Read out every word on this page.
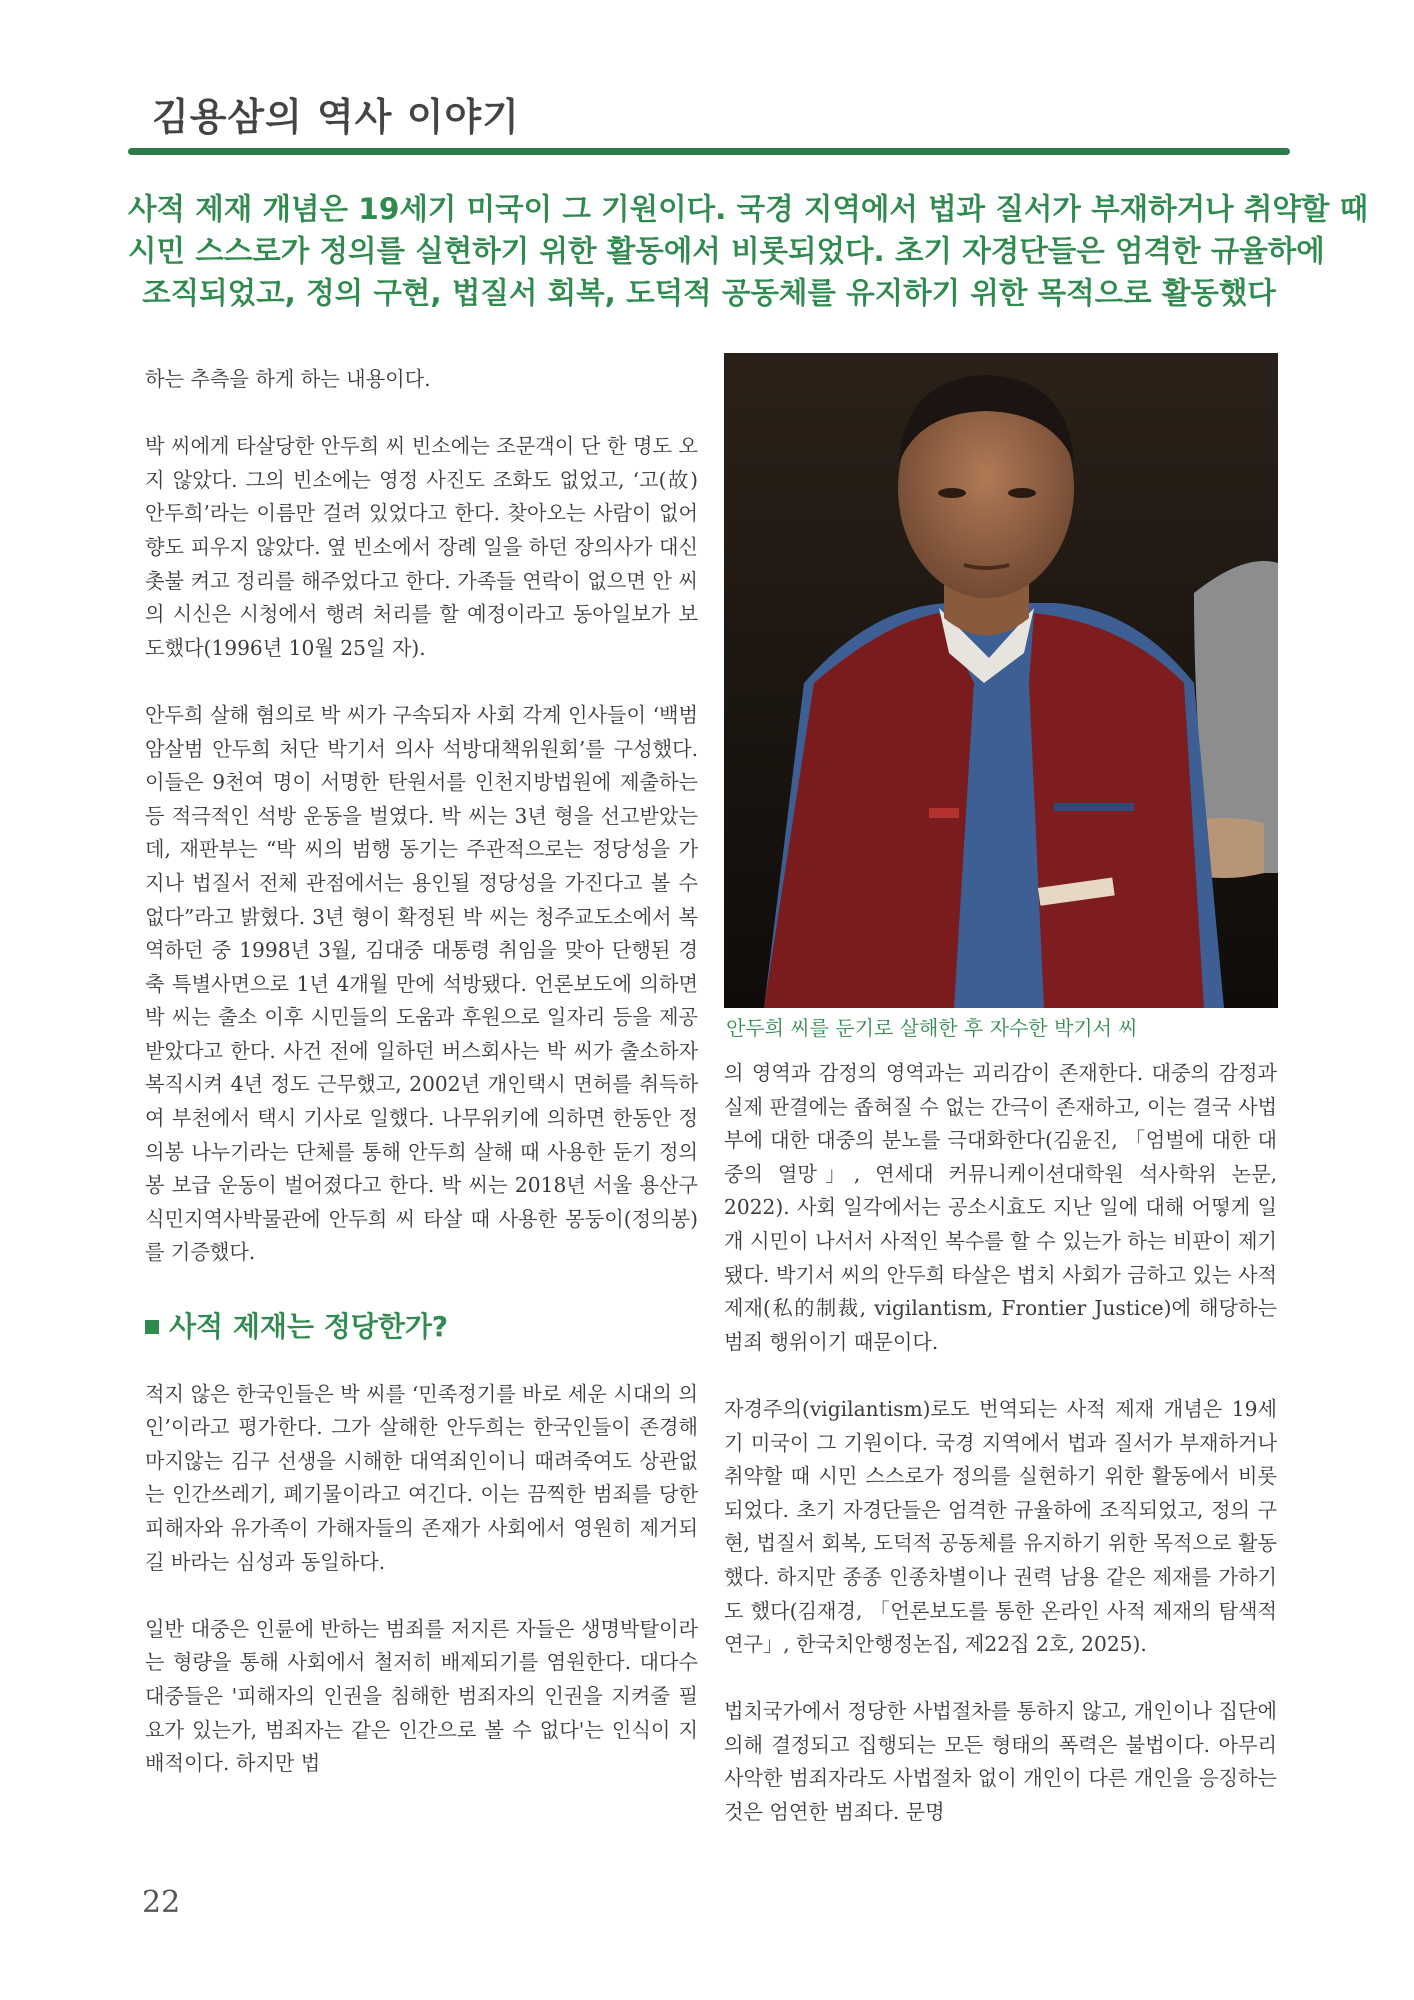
김용삼의 역사 이야기
사적 제재 개념은 19세기 미국이 그 기원이다. 국경 지역에서 법과 질서가 부재하거나 취약할 때
시민 스스로가 정의를 실현하기 위한 활동에서 비롯되었다. 초기 자경단들은 엄격한 규율하에
조직되었고, 정의 구현, 법질서 회복, 도덕적 공동체를 유지하기 위한 목적으로 활동했다

하는 추측을 하게 하는 내용이다.

박 씨에게 타살당한 안두희 씨 빈소에는 조문객이 단 한 명도 오지 않았다. 그의 빈소에는 영정 사진도 조화도 없었고, ‘고(故) 안두희’라는 이름만 걸려 있었다고 한다. 찾아오는 사람이 없어 향도 피우지 않았다. 옆 빈소에서 장례 일을 하던 장의사가 대신 촛불 켜고 정리를 해주었다고 한다. 가족들 연락이 없으면 안 씨의 시신은 시청에서 행려 처리를 할 예정이라고 동아일보가 보도했다(1996년 10월 25일 자).

안두희 살해 혐의로 박 씨가 구속되자 사회 각계 인사들이 ‘백범 암살범 안두희 처단 박기서 의사 석방대책위원회’를 구성했다. 이들은 9천여 명이 서명한 탄원서를 인천지방법원에 제출하는 등 적극적인 석방 운동을 벌였다. 박 씨는 3년 형을 선고받았는데, 재판부는 “박 씨의 범행 동기는 주관적으로는 정당성을 가지나 법질서 전체 관점에서는 용인될 정당성을 가진다고 볼 수 없다”라고 밝혔다. 3년 형이 확정된 박 씨는 청주교도소에서 복역하던 중 1998년 3월, 김대중 대통령 취임을 맞아 단행된 경축 특별사면으로 1년 4개월 만에 석방됐다. 언론보도에 의하면 박 씨는 출소 이후 시민들의 도움과 후원으로 일자리 등을 제공받았다고 한다. 사건 전에 일하던 버스회사는 박 씨가 출소하자 복직시켜 4년 정도 근무했고, 2002년 개인택시 면허를 취득하여 부천에서 택시 기사로 일했다. 나무위키에 의하면 한동안 정의봉 나누기라는 단체를 통해 안두희 살해 때 사용한 둔기 정의봉 보급 운동이 벌어졌다고 한다. 박 씨는 2018년 서울 용산구 식민지역사박물관에 안두희 씨 타살 때 사용한 몽둥이(정의봉)를 기증했다.

사적 제재는 정당한가?

적지 않은 한국인들은 박 씨를 ‘민족정기를 바로 세운 시대의 의인’이라고 평가한다. 그가 살해한 안두희는 한국인들이 존경해 마지않는 김구 선생을 시해한 대역죄인이니 때려죽여도 상관없는 인간쓰레기, 폐기물이라고 여긴다. 이는 끔찍한 범죄를 당한 피해자와 유가족이 가해자들의 존재가 사회에서 영원히 제거되길 바라는 심성과 동일하다.

일반 대중은 인륜에 반하는 범죄를 저지른 자들은 생명박탈이라는 형량을 통해 사회에서 철저히 배제되기를 염원한다. 대다수 대중들은 '피해자의 인권을 침해한 범죄자의 인권을 지켜줄 필요가 있는가, 범죄자는 같은 인간으로 볼 수 없다'는 인식이 지배적이다. 하지만 법

안두희 씨를 둔기로 살해한 후 자수한 박기서 씨

의 영역과 감정의 영역과는 괴리감이 존재한다. 대중의 감정과 실제 판결에는 좁혀질 수 없는 간극이 존재하고, 이는 결국 사법부에 대한 대중의 분노를 극대화한다(김윤진, 「엄벌에 대한 대중의 열망」, 연세대 커뮤니케이션대학원 석사학위 논문, 2022). 사회 일각에서는 공소시효도 지난 일에 대해 어떻게 일개 시민이 나서서 사적인 복수를 할 수 있는가 하는 비판이 제기됐다. 박기서 씨의 안두희 타살은 법치 사회가 금하고 있는 사적 제재(私的制裁, vigilantism, Frontier Justice)에 해당하는 범죄 행위이기 때문이다.

자경주의(vigilantism)로도 번역되는 사적 제재 개념은 19세기 미국이 그 기원이다. 국경 지역에서 법과 질서가 부재하거나 취약할 때 시민 스스로가 정의를 실현하기 위한 활동에서 비롯되었다. 초기 자경단들은 엄격한 규율하에 조직되었고, 정의 구현, 법질서 회복, 도덕적 공동체를 유지하기 위한 목적으로 활동했다. 하지만 종종 인종차별이나 권력 남용 같은 제재를 가하기도 했다(김재경, 「언론보도를 통한 온라인 사적 제재의 탐색적 연구」, 한국치안행정논집, 제22집 2호, 2025).

법치국가에서 정당한 사법절차를 통하지 않고, 개인이나 집단에 의해 결정되고 집행되는 모든 형태의 폭력은 불법이다. 아무리 사악한 범죄자라도 사법절차 없이 개인이 다른 개인을 응징하는 것은 엄연한 범죄다. 문명

22
